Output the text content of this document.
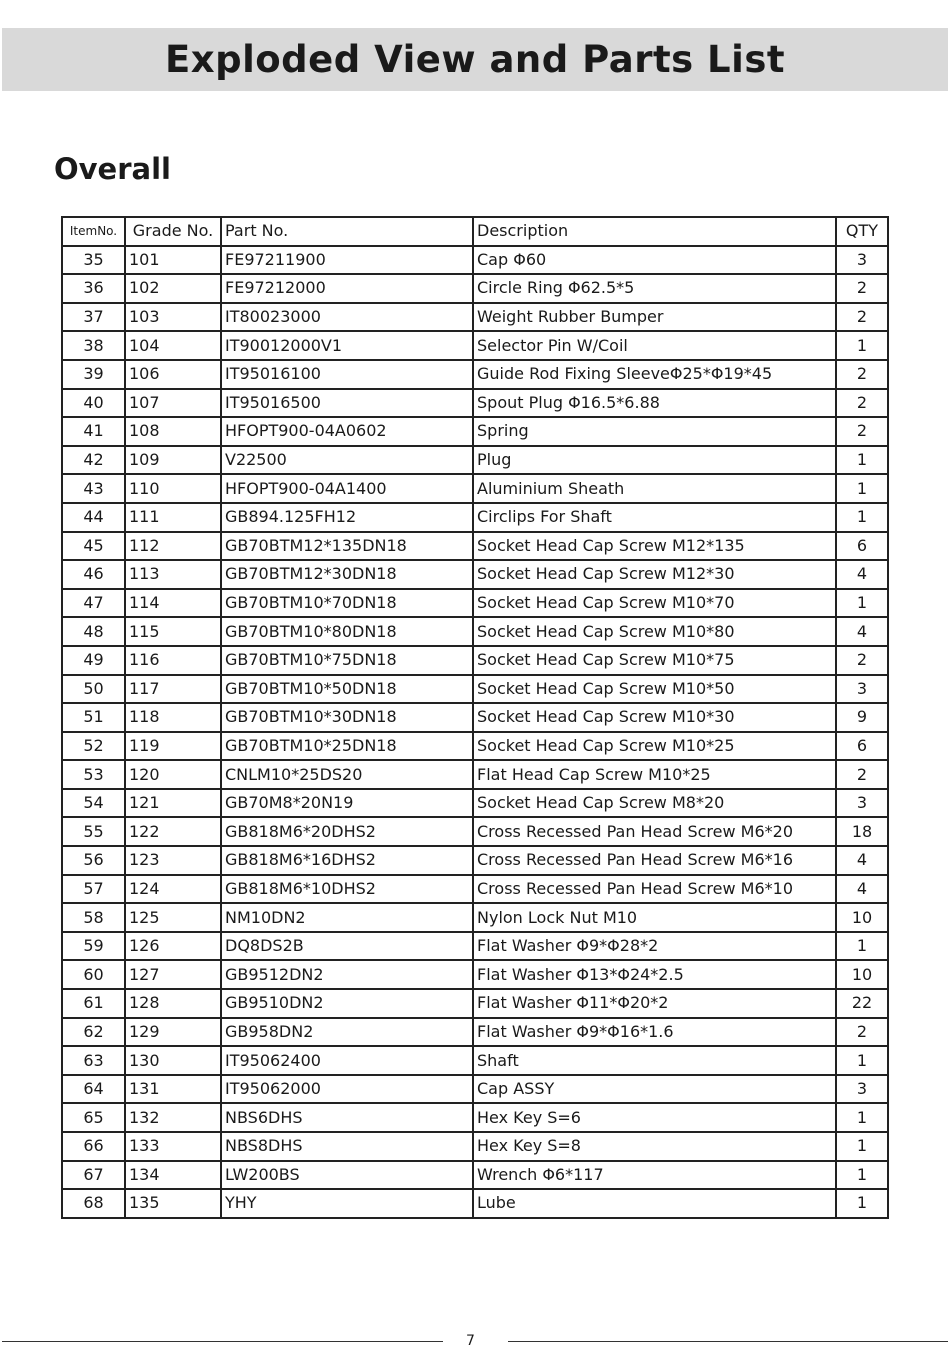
Exploded View and Parts List
Overall
ItemNo.	Grade No.	Part No.	Description	QTY
35	101	FE97211900	Cap Φ60	3
36	102	FE97212000	Circle Ring Φ62.5*5	2
37	103	IT80023000	Weight Rubber Bumper	2
38	104	IT90012000V1	Selector Pin W/Coil	1
39	106	IT95016100	Guide Rod Fixing SleeveΦ25*Φ19*45	2
40	107	IT95016500	Spout Plug Φ16.5*6.88	2
41	108	HFOPT900-04A0602	Spring	2
42	109	V22500	Plug	1
43	110	HFOPT900-04A1400	Aluminium Sheath	1
44	111	GB894.125FH12	Circlips For Shaft	1
45	112	GB70BTM12*135DN18	Socket Head Cap Screw M12*135	6
46	113	GB70BTM12*30DN18	Socket Head Cap Screw M12*30	4
47	114	GB70BTM10*70DN18	Socket Head Cap Screw M10*70	1
48	115	GB70BTM10*80DN18	Socket Head Cap Screw M10*80	4
49	116	GB70BTM10*75DN18	Socket Head Cap Screw M10*75	2
50	117	GB70BTM10*50DN18	Socket Head Cap Screw M10*50	3
51	118	GB70BTM10*30DN18	Socket Head Cap Screw M10*30	9
52	119	GB70BTM10*25DN18	Socket Head Cap Screw M10*25	6
53	120	CNLM10*25DS20	Flat Head Cap Screw M10*25	2
54	121	GB70M8*20N19	Socket Head Cap Screw M8*20	3
55	122	GB818M6*20DHS2	Cross Recessed Pan Head Screw M6*20	18
56	123	GB818M6*16DHS2	Cross Recessed Pan Head Screw M6*16	4
57	124	GB818M6*10DHS2	Cross Recessed Pan Head Screw M6*10	4
58	125	NM10DN2	Nylon Lock Nut M10	10
59	126	DQ8DS2B	Flat Washer Φ9*Φ28*2	1
60	127	GB9512DN2	Flat Washer Φ13*Φ24*2.5	10
61	128	GB9510DN2	Flat Washer Φ11*Φ20*2	22
62	129	GB958DN2	Flat Washer Φ9*Φ16*1.6	2
63	130	IT95062400	Shaft	1
64	131	IT95062000	Cap ASSY	3
65	132	NBS6DHS	Hex Key S=6	1
66	133	NBS8DHS	Hex Key S=8	1
67	134	LW200BS	Wrench Φ6*117	1
68	135	YHY	Lube	1
7
